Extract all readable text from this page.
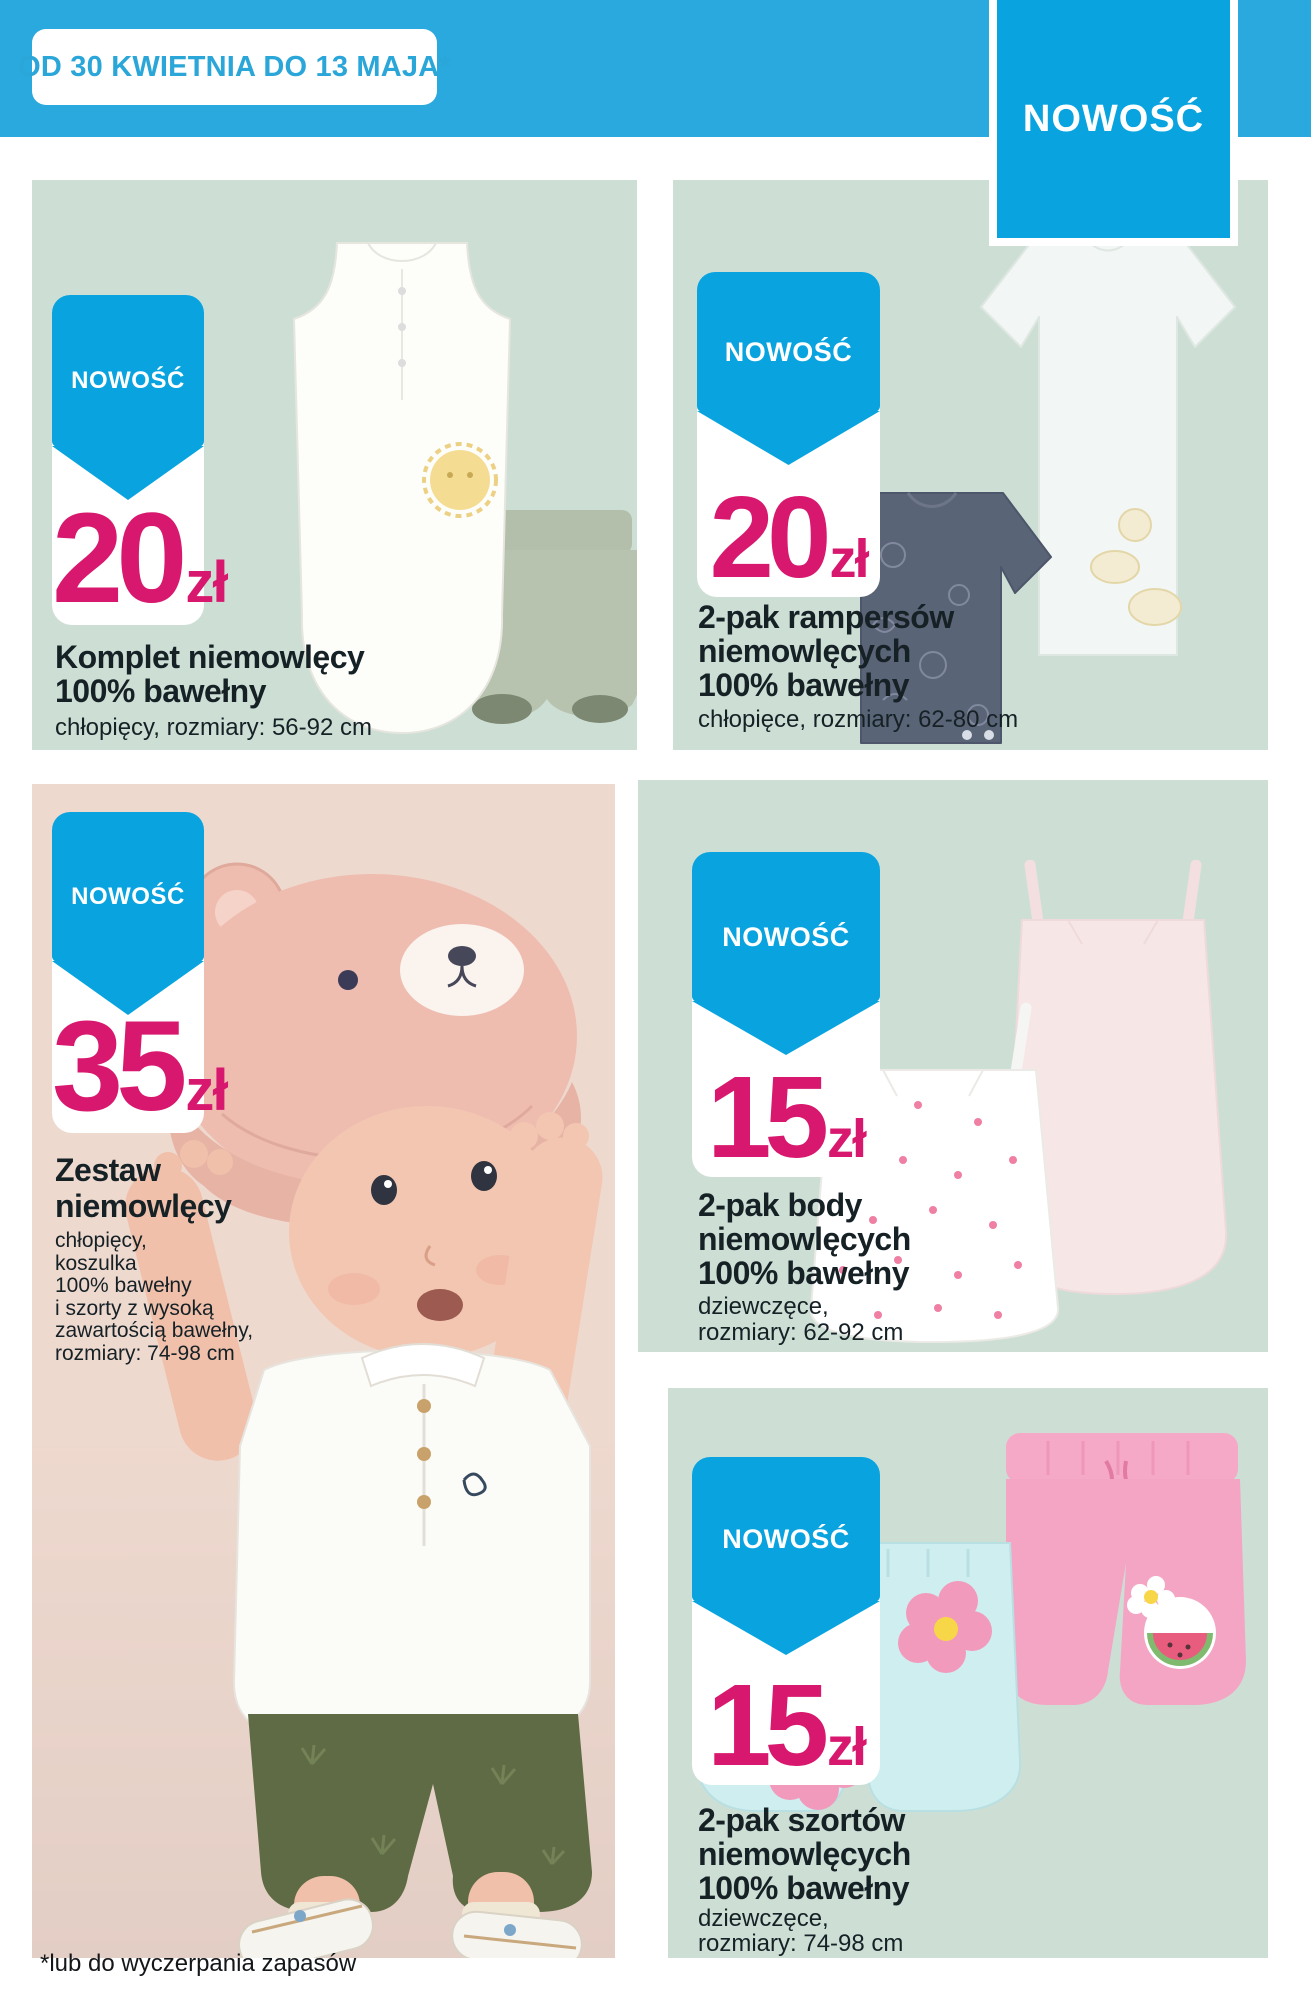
OD 30 KWIETNIA DO 13 MAJA*
NOWOŚĆ
20zł
Komplet niemowlęcy
100% bawełny
chłopięcy, rozmiary: 56-92 cm
NOWOŚĆ
20zł
2-pak rampersów
niemowlęcych
100% bawełny
chłopięce, rozmiary: 62-80 cm
NOWOŚĆ
35zł
Zestaw
niemowlęcy
chłopięcy,
koszulka
100% bawełny
i szorty z wysoką
zawartością bawełny,
rozmiary: 74-98 cm
NOWOŚĆ
15zł
2-pak body
niemowlęcych
100% bawełny
dziewczęce,
rozmiary: 62-92 cm
NOWOŚĆ
15zł
2-pak szortów
niemowlęcych
100% bawełny
dziewczęce,
rozmiary: 74-98 cm
NOWOŚĆ
*lub do wyczerpania zapasów
